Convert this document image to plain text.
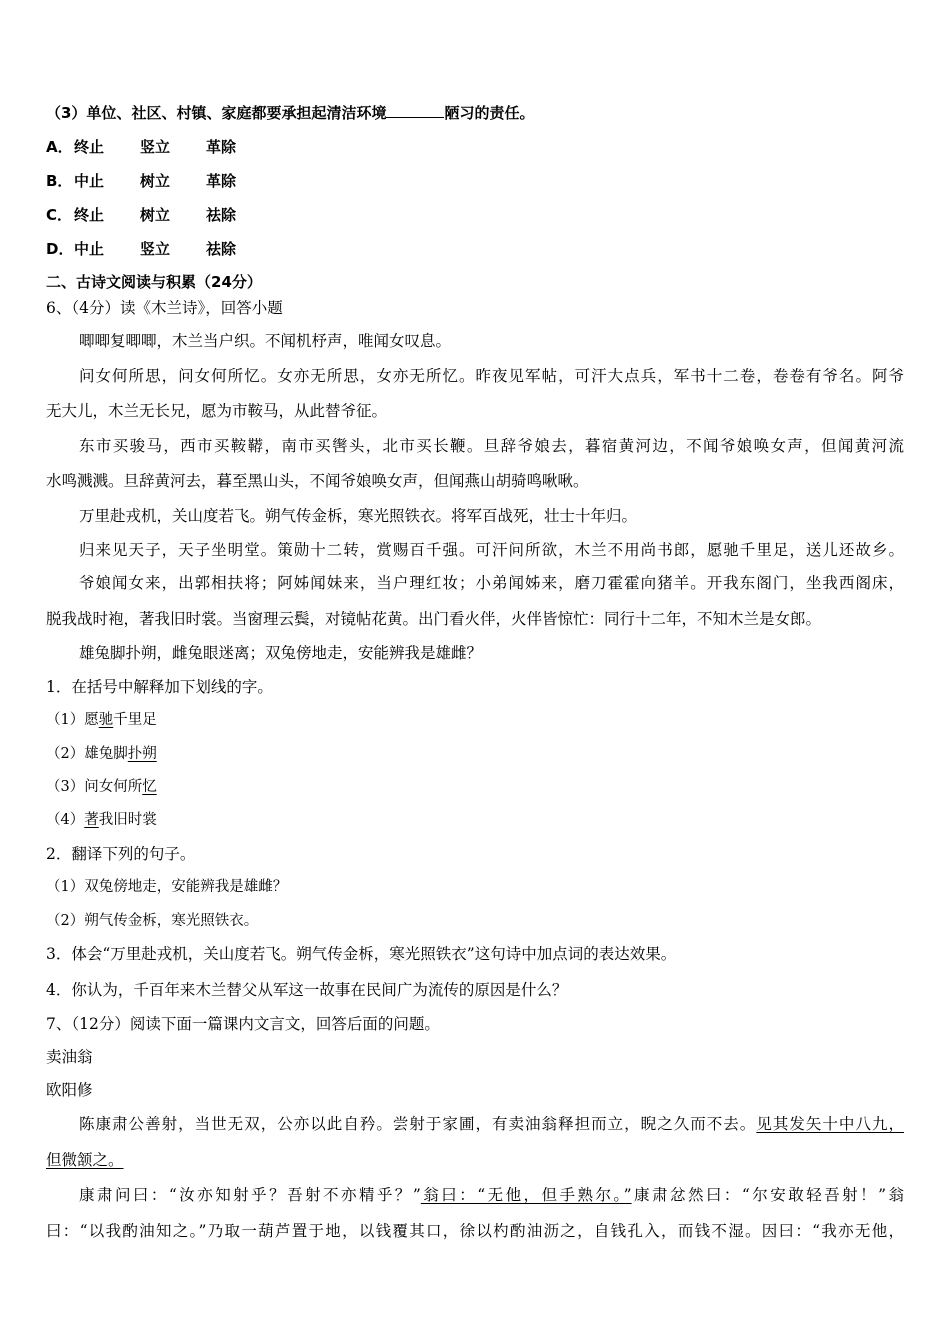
（3）单位、社区、村镇、家庭都要承担起清洁环境	陋习的责任。
A．终止 竖立 革除
B． 中止 树立 革除
C． 终止 树立 祛除
D．中止 竖立 祛除
二、古诗文阅读与积累（24分）
6、（4分）读《木兰诗》，回答小题
唧唧复唧唧，木兰当户织。不闻机杼声，唯闻女叹息。
问女何所思，问女何所忆。女亦无所思，女亦无所忆。昨夜见军帖，可汗大点兵，军书十二卷，卷卷有爷名。阿爷
无大儿，木兰无长兄，愿为市鞍马，从此替爷征。
东市买骏马，西市买鞍鞯，南市买辔头，北市买长鞭。旦辞爷娘去，暮宿黄河边，不闻爷娘唤女声，但闻黄河流
水鸣溅溅。旦辞黄河去，暮至黑山头，不闻爷娘唤女声，但闻燕山胡骑鸣啾啾。
万里赴戎机，关山度若飞。朔气传金柝，寒光照铁衣。将军百战死，壮士十年归。
归来见天子，天子坐明堂。策勋十二转，赏赐百千强。可汗问所欲，木兰不用尚书郎，愿驰千里足，送儿还故乡。
爷娘闻女来，出郭相扶将；阿姊闻妹来，当户理红妆；小弟闻姊来，磨刀霍霍向猪羊。开我东阁门，坐我西阁床，
脱我战时袍，著我旧时裳。当窗理云鬓，对镜帖花黄。出门看火伴，火伴皆惊忙：同行十二年，不知木兰是女郎。
雄兔脚扑朔，雌兔眼迷离；双兔傍地走，安能辨我是雄雌？
1．在括号中解释加下划线的字。
（1）愿驰千里足
（2）雄兔脚扑朔
（3）问女何所忆
（4）著我旧时裳
2．翻译下列的句子。
（1）双兔傍地走，安能辨我是雄雌？
（2）朔气传金柝，寒光照铁衣。
3．体会“万里赴戎机，关山度若飞。朔气传金柝，寒光照铁衣”这句诗中加点词的表达效果。
4．你认为，千百年来木兰替父从军这一故事在民间广为流传的原因是什么？
7、（12分）阅读下面一篇课内文言文，回答后面的问题。
卖油翁
欧阳修
陈康肃公善射，当世无双，公亦以此自矜。尝射于家圃，有卖油翁释担而立，睨之久而不去。见其发矢十中八九，
但微颔之。
康肃问曰：“汝亦知射乎？吾射不亦精乎？”翁曰：“无他，但手熟尔。”康肃忿然曰：“尔安敢轻吾射！”翁
曰：“以我酌油知之。”乃取一葫芦置于地，以钱覆其口，徐以杓酌油沥之，自钱孔入，而钱不湿。因曰：“我亦无他，
